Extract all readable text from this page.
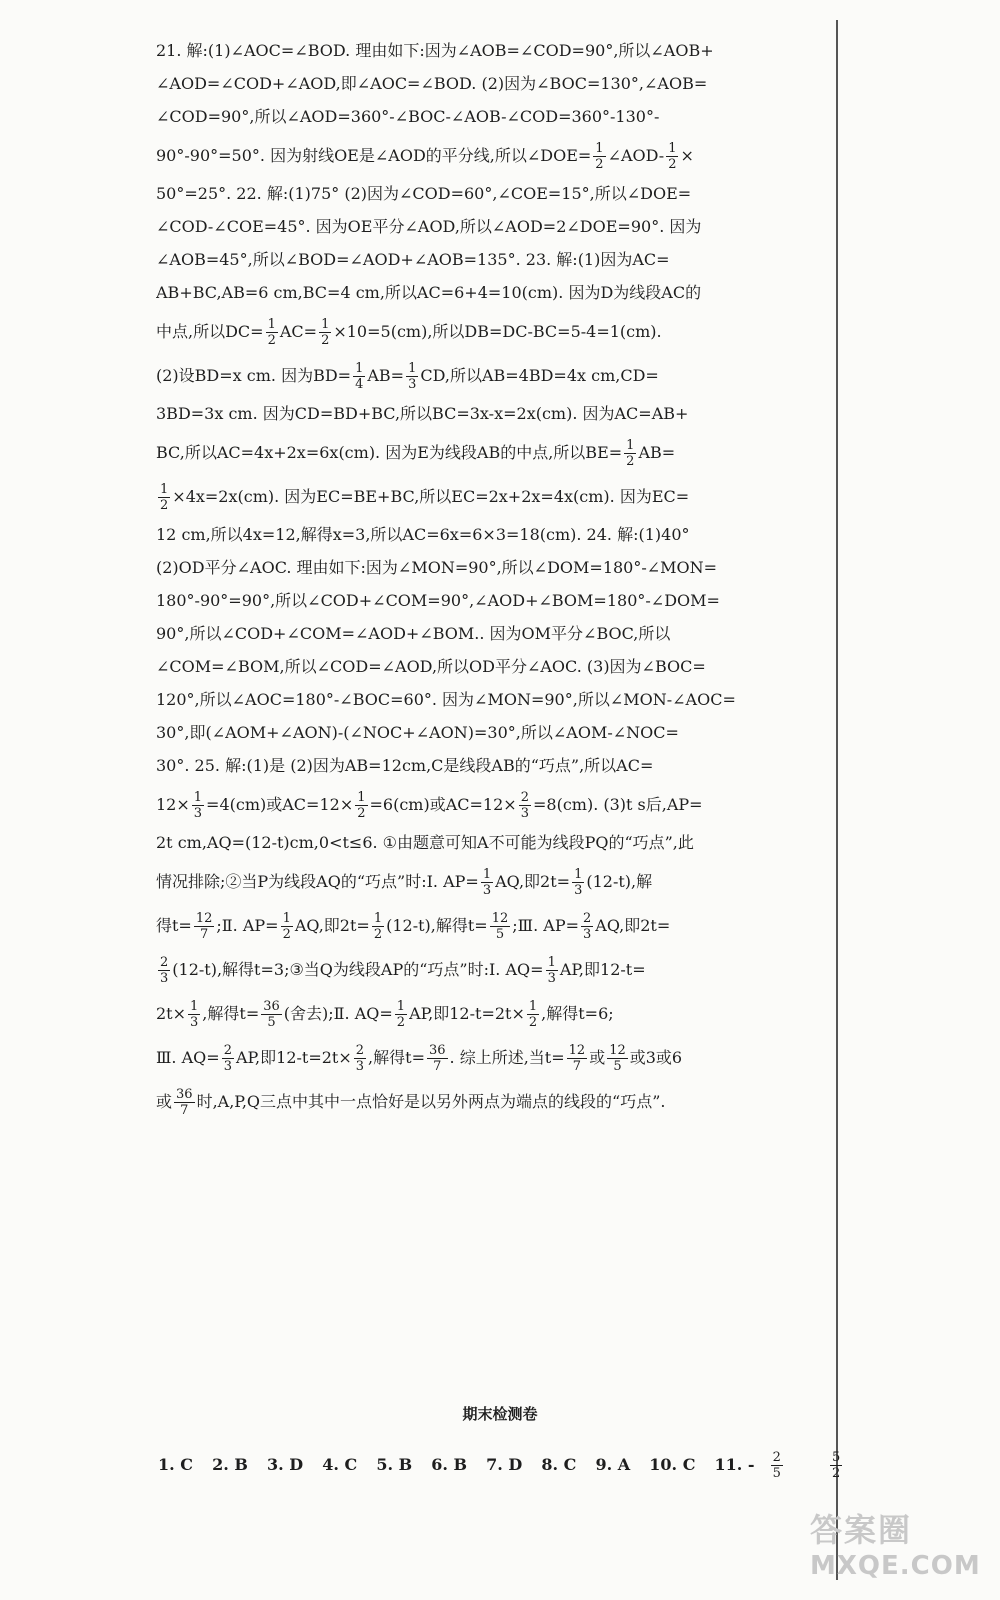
21. 解:(1)∠AOC=∠BOD. 理由如下:因为∠AOB=∠COD=90°,所以∠AOB+
∠AOD=∠COD+∠AOD,即∠AOC=∠BOD. (2)因为∠BOC=130°,∠AOB=
∠COD=90°,所以∠AOD=360°-∠BOC-∠AOB-∠COD=360°-130°-
90°-90°=50°. 因为射线OE是∠AOD的平分线,所以∠DOE= $\frac{1}{2}$ ∠AOD- $\frac{1}{2}$ ×
50°=25°. 22. 解:(1)75° (2)因为∠COD=60°,∠COE=15°,所以∠DOE=
∠COD-∠COE=45°. 因为OE平分∠AOD,所以∠AOD=2∠DOE=90°. 因为
∠AOB=45°,所以∠BOD=∠AOD+∠AOB=135°. 23. 解:(1)因为AC=
AB+BC,AB=6 cm,BC=4 cm,所以AC=6+4=10(cm). 因为D为线段AC的
中点,所以$DC= \frac{1}{2} AC= \frac{1}{2} \times 10=5(cm)$,所以DB=DC-BC=5-4=1(cm).
(2)设BD=x cm. 因为$BD= \frac{1}{4} AB= \frac{1}{3}$ CD,所以AB=4BD=4x cm,CD=
3BD=3x cm. 因为CD=BD+BC,所以BC=3x-x=2x(cm). 因为AC=AB+
BC,所以AC=4x+2x=6x(cm). 因为E为线段AB的中点,所以$BE= \frac{1}{2} AB=$
$\frac{1}{2} \times 4x=2x(cm)$. 因为EC=BE+BC,所以EC=2x+2x=4x(cm). 因为EC=
12 cm,所以4x=12,解得x=3,所以AC=6x=6×3=18(cm). 24. 解:(1)40°
(2)OD平分∠AOC. 理由如下:因为∠MON=90°,所以∠DOM=180°-∠MON=
180°-90°=90°,所以∠COD+∠COM=90°,∠AOD+∠BOM=180°-∠DOM=
90°,所以∠COD+∠COM=∠AOD+∠BOM.. 因为OM平分∠BOC,所以
∠COM=∠BOM,所以∠COD=∠AOD,所以OD平分∠AOC. (3)因为∠BOC=
120°,所以∠AOC=180°-∠BOC=60°. 因为∠MON=90°,所以∠MON-∠AOC=
30°,即(∠AOM+∠AON)-(∠NOC+∠AON)=30°,所以∠AOM-∠NOC=
30°. 25. 解:(1)是 (2)因为AB=12cm,C是线段AB的“巧点”,所以AC=
$12\times \frac{1}{3} =4(cm)$或$AC=12\times \frac{1}{2} =6(cm)$或$AC=12\times \frac{2}{3} =8(cm)$. (3)t s后,AP=
2t cm,AQ=(12-t)cm,0<t≤6. ①由题意可知A不可能为线段PQ的“巧点”,此
情况排除;②当P为线段AQ的“巧点”时:Ⅰ. $AP= \frac{1}{3}$ AQ,即$2t= \frac{1}{3} (12-t)$,解
得$t= \frac{12}{7}$ ;Ⅱ. $AP= \frac{1}{2}$ AQ,即$2t= \frac{1}{2} (12-t)$,解得$t= \frac{12}{5}$ ;Ⅲ. $AP= \frac{2}{3}$ AQ,即2t=
$\frac{2}{3} (12-t)$,解得t=3;③当Q为线段AP的“巧点”时:Ⅰ. $AQ= \frac{1}{3}$ AP,即12-t=
$2t\times \frac{1}{3}$ ,解得$t= \frac{36}{5}$ (舍去);Ⅱ. $AQ= \frac{1}{2}$ AP,即$12-t=2t\times \frac{1}{2}$ ,解得t=6;
Ⅲ. $AQ= \frac{2}{3}$ AP,即$12-t=2t\times \frac{2}{3}$ ,解得$t= \frac{36}{7}$ . 综上所述,当$t= \frac{12}{7}$ 或 $\frac{12}{5}$ 或3或6
或 $\frac{36}{7}$ 时,A,P,Q三点中其中一点恰好是以另外两点为端点的线段的“巧点”.
期末检测卷
1. C 2. B 3. D 4. C 5. B 6. B 7. D 8. C 9. A 10. C 11. - $\frac{2}{5}$
	$\frac{5}{2}$
答案圈
MXQE.COM
